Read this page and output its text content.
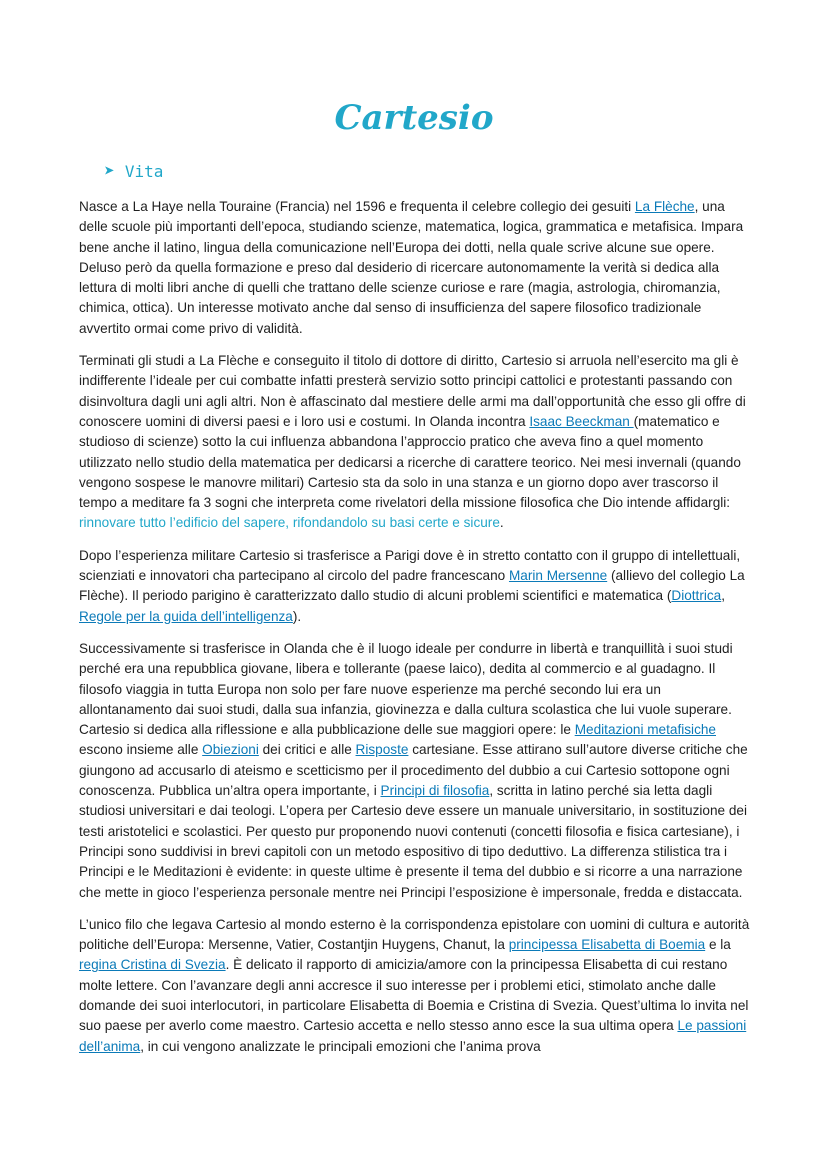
Cartesio
➤ Vita

Nasce a La Haye nella Touraine (Francia) nel 1596 e frequenta il celebre collegio dei gesuiti La Flèche, una delle scuole più importanti dell’epoca, studiando scienze, matematica, logica, grammatica e metafisica. Impara bene anche il latino, lingua della comunicazione nell’Europa dei dotti, nella quale scrive alcune sue opere. Deluso però da quella formazione e preso dal desiderio di ricercare autonomamente la verità si dedica alla lettura di molti libri anche di quelli che trattano delle scienze curiose e rare (magia, astrologia, chiromanzia, chimica, ottica). Un interesse motivato anche dal senso di insufficienza del sapere filosofico tradizionale avvertito ormai come privo di validità.

Terminati gli studi a La Flèche e conseguito il titolo di dottore di diritto, Cartesio si arruola nell’esercito ma gli è indifferente l’ideale per cui combatte infatti presterà servizio sotto principi cattolici e protestanti passando con disinvoltura dagli uni agli altri. Non è affascinato dal mestiere delle armi ma dall’opportunità che esso gli offre di conoscere uomini di diversi paesi e i loro usi e costumi. In Olanda incontra Isaac Beeckman (matematico e studioso di scienze) sotto la cui influenza abbandona l’approccio pratico che aveva fino a quel momento utilizzato nello studio della matematica per dedicarsi a ricerche di carattere teorico. Nei mesi invernali (quando vengono sospese le manovre militari) Cartesio sta da solo in una stanza e un giorno dopo aver trascorso il tempo a meditare fa 3 sogni che interpreta come rivelatori della missione filosofica che Dio intende affidargli: rinnovare tutto l’edificio del sapere, rifondandolo su basi certe e sicure.

Dopo l’esperienza militare Cartesio si trasferisce a Parigi dove è in stretto contatto con il gruppo di intellettuali, scienziati e innovatori cha partecipano al circolo del padre francescano Marin Mersenne (allievo del collegio La Flèche). Il periodo parigino è caratterizzato dallo studio di alcuni problemi scientifici e matematica (Diottrica, Regole per la guida dell’intelligenza).

Successivamente si trasferisce in Olanda che è il luogo ideale per condurre in libertà e tranquillità i suoi studi perché era una repubblica giovane, libera e tollerante (paese laico), dedita al commercio e al guadagno. Il filosofo viaggia in tutta Europa non solo per fare nuove esperienze ma perché secondo lui era un allontanamento dai suoi studi, dalla sua infanzia, giovinezza e dalla cultura scolastica che lui vuole superare. Cartesio si dedica alla riflessione e alla pubblicazione delle sue maggiori opere: le Meditazioni metafisiche escono insieme alle Obiezioni dei critici e alle Risposte cartesiane. Esse attirano sull’autore diverse critiche che giungono ad accusarlo di ateismo e scetticismo per il procedimento del dubbio a cui Cartesio sottopone ogni conoscenza. Pubblica un’altra opera importante, i Principi di filosofia, scritta in latino perché sia letta dagli studiosi universitari e dai teologi. L’opera per Cartesio deve essere un manuale universitario, in sostituzione dei testi aristotelici e scolastici. Per questo pur proponendo nuovi contenuti (concetti filosofia e fisica cartesiane), i Principi sono suddivisi in brevi capitoli con un metodo espositivo di tipo deduttivo. La differenza stilistica tra i Principi e le Meditazioni è evidente: in queste ultime è presente il tema del dubbio e si ricorre a una narrazione che mette in gioco l’esperienza personale mentre nei Principi l’esposizione è impersonale, fredda e distaccata.

L’unico filo che legava Cartesio al mondo esterno è la corrispondenza epistolare con uomini di cultura e autorità politiche dell’Europa: Mersenne, Vatier, Costantjin Huygens, Chanut, la principessa Elisabetta di Boemia e la regina Cristina di Svezia. È delicato il rapporto di amicizia/amore con la principessa Elisabetta di cui restano molte lettere. Con l’avanzare degli anni accresce il suo interesse per i problemi etici, stimolato anche dalle domande dei suoi interlocutori, in particolare Elisabetta di Boemia e Cristina di Svezia. Quest’ultima lo invita nel suo paese per averlo come maestro. Cartesio accetta e nello stesso anno esce la sua ultima opera Le passioni dell’anima, in cui vengono analizzate le principali emozioni che l’anima prova
